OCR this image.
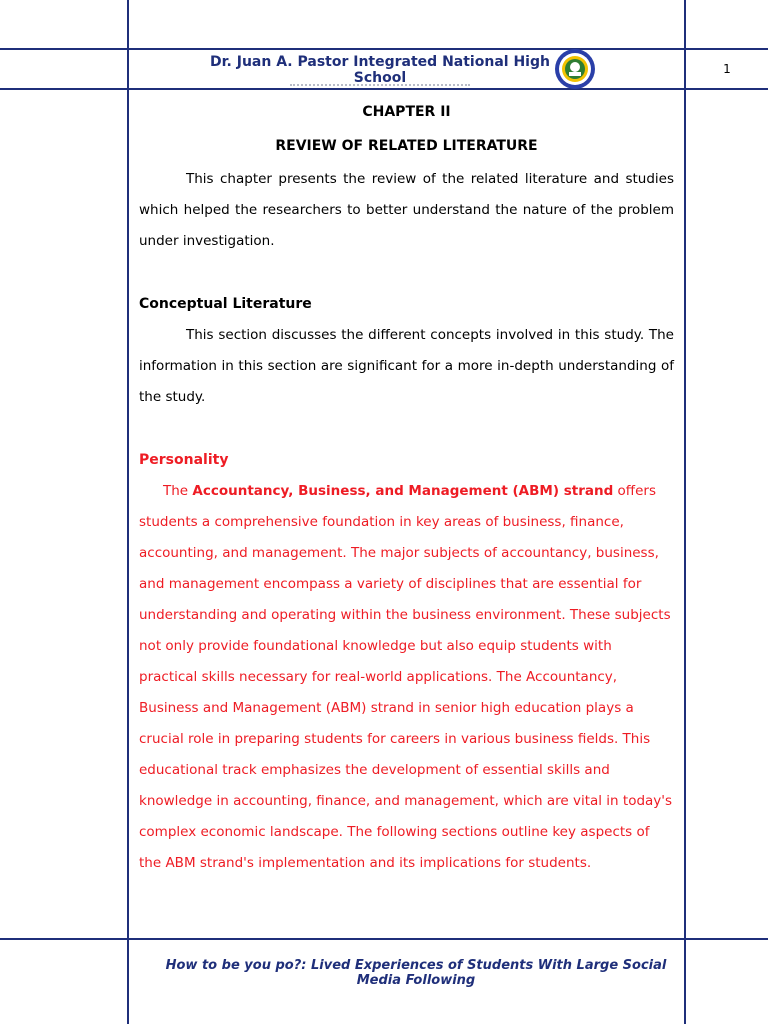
Dr. Juan A. Pastor Integrated National High School
1
CHAPTER II
REVIEW OF RELATED LITERATURE
This chapter presents the review of the related literature and studies which helped the researchers to better understand the nature of the problem under investigation.
Conceptual Literature
This section discusses the different concepts involved in this study. The information in this section are significant for a more in-depth understanding of the study.
Personality
The Accountancy, Business, and Management (ABM) strand offers students a comprehensive foundation in key areas of business, finance, accounting, and management. The major subjects of accountancy, business, and management encompass a variety of disciplines that are essential for understanding and operating within the business environment. These subjects not only provide foundational knowledge but also equip students with practical skills necessary for real-world applications. The Accountancy, Business and Management (ABM) strand in senior high education plays a crucial role in preparing students for careers in various business fields. This educational track emphasizes the development of essential skills and knowledge in accounting, finance, and management, which are vital in today's complex economic landscape. The following sections outline key aspects of the ABM strand's implementation and its implications for students.
How to be you po?: Lived Experiences of Students With Large Social Media Following
